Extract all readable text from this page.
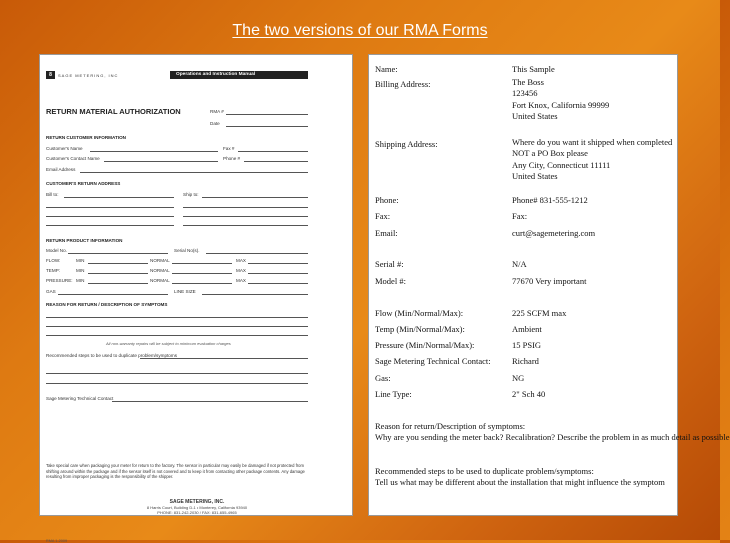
The two versions of our RMA Forms
8	SAGE METERING, INC	Operations and Instruction Manual
RETURN MATERIAL AUTHORIZATION	RMA #
Date
RETURN CUSTOMER INFORMATION
Customer's Name	Fax #
Customer's Contact Name	Phone #
Email Address
CUSTOMER'S RETURN ADDRESS
Bill to:	Ship to:
RETURN PRODUCT INFORMATION
Model No.	Serial No(s).
FLOW:	MIN	NORMAL	MAX
TEMP:	MIN	NORMAL	MAX
PRESSURE: MIN	NORMAL	MAX
GAS	LINE SIZE
REASON FOR RETURN / DESCRIPTION OF SYMPTOMS
All non-warranty repairs will be subject to minimum evaluation charges
Recommended steps to be used to duplicate problem/symptoms
Sage Metering Technical Contact
Take special care when packaging your meter for return to the factory. The sensor in particular may easily be damaged if not protected from shifting around within the package and if the sensor itself is not covered and to keep it from contacting other package contents. Any damage resulting from improper packaging is the responsibility of the shipper.
SAGE METERING, INC.
8 Harris Court, Building D-1 • Monterey, California 93940
PHONE: 831-242-2030 / FAX: 831-655-4965
RMA 1-2009
Name:	This Sample
Billing Address:	The Boss
123456
Fort Knox, California 99999
United States
Shipping Address:	Where do you want it shipped when completed
NOT a PO Box please
Any City, Connecticut 11111
United States
Phone:	Phone# 831-555-1212
Fax:	Fax:
Email:	curt@sagemetering.com
Serial #:	N/A
Model #:	77670 Very important
Flow (Min/Normal/Max):	225 SCFM max
Temp (Min/Normal/Max):	Ambient
Pressure (Min/Normal/Max):	15 PSIG
Sage Metering Technical Contact:	Richard
Gas:	NG
Line Type:	2" Sch 40
Reason for return/Description of symptoms:
Why are you sending the meter back? Recalibration? Describe the problem in as much detail as possible
Recommended steps to be used to duplicate problem/symptoms:
Tell us what may be different about the installation that might influence the symptom
